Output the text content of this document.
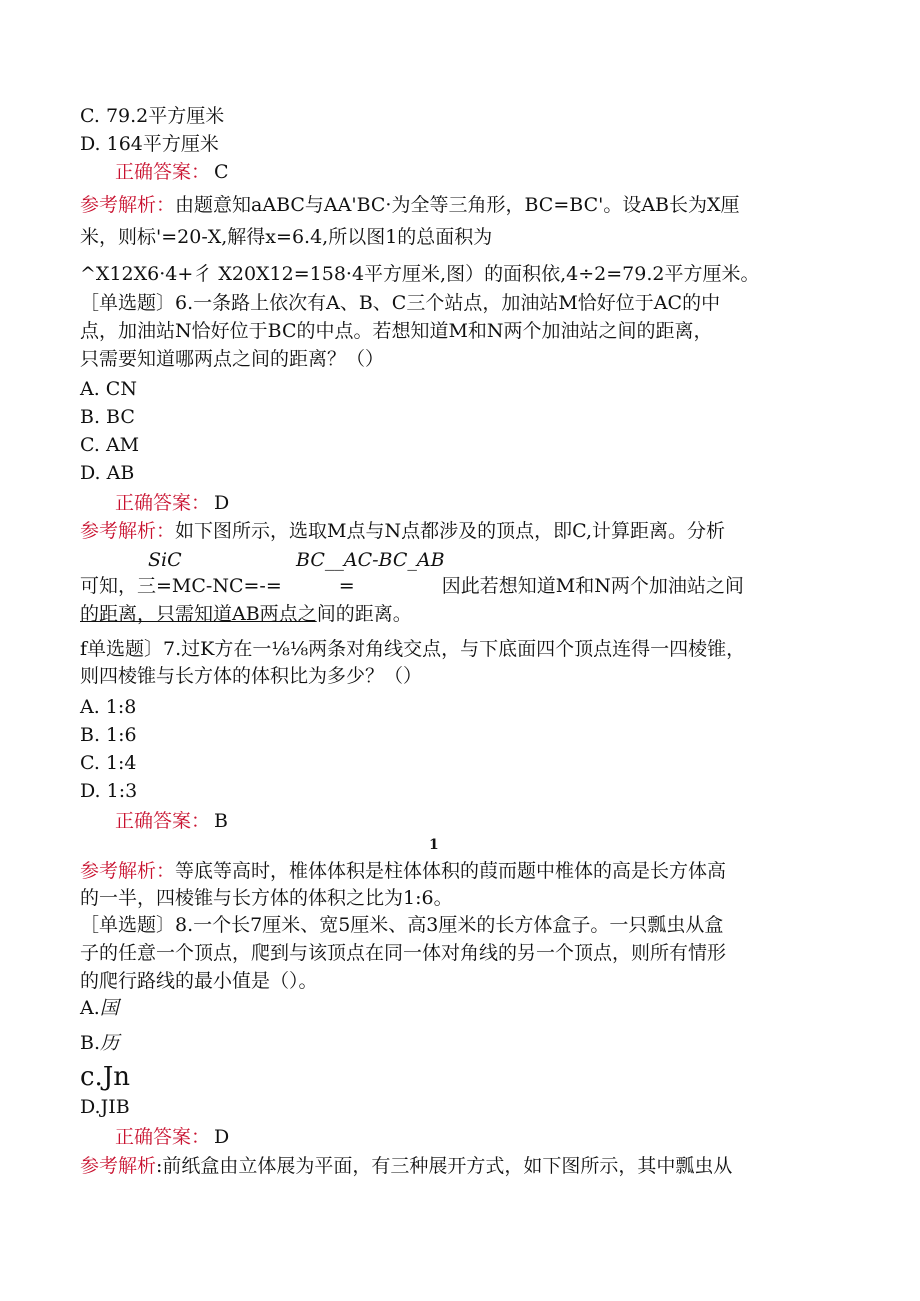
C. 79.2平方厘米

D. 164平方厘米

正确答案： C

参考解析：由题意知aABC与AA'BC·为全等三角形，BC=BC'。设AB长为X厘

米，则标'=20-X,解得x=6.4,所以图1的总面积为

^X12X6·4+彳 X20X12=158·4平方厘米,图）的面积依,4÷2=79.2平方厘米。

［单选题〕6.一条路上依次有A、B、C三个站点，加油站M恰好位于AC的中

点，加油站N恰好位于BC的中点。若想知道M和N两个加油站之间的距离，

只需要知道哪两点之间的距离？（）

A. CN

B. BC

C. AM

D. AB

正确答案： D

参考解析：如下图所示，选取M点与N点都涉及的顶点，即C,计算距离。分析

SiC	BC__AC-BC_AB

可知，三=MC-NC=-=	=	因此若想知道M和N两个加油站之间

的距离，只需知道AB两点之间的距离。

f单选题〕7.过K方在一⅛⅛两条对角线交点，与下底面四个顶点连得一四棱锥，

则四棱锥与长方体的体积比为多少？（）

A. 1:8

B. 1:6

C. 1:4

D. 1:3

正确答案： B

1

参考解析：等底等高时，椎体体积是柱体体积的葭而题中椎体的高是长方体高

的一半，四棱锥与长方体的体积之比为1:6。

［单选题〕8.一个长7厘米、宽5厘米、高3厘米的长方体盒子。一只瓢虫从盒

子的任意一个顶点，爬到与该顶点在同一体对角线的另一个顶点，则所有情形

的爬行路线的最小值是（）。

A.国

B.历

c.Jn

D.JIB

正确答案： D

参考解析:前纸盒由立体展为平面，有三种展开方式，如下图所示，其中瓢虫从
